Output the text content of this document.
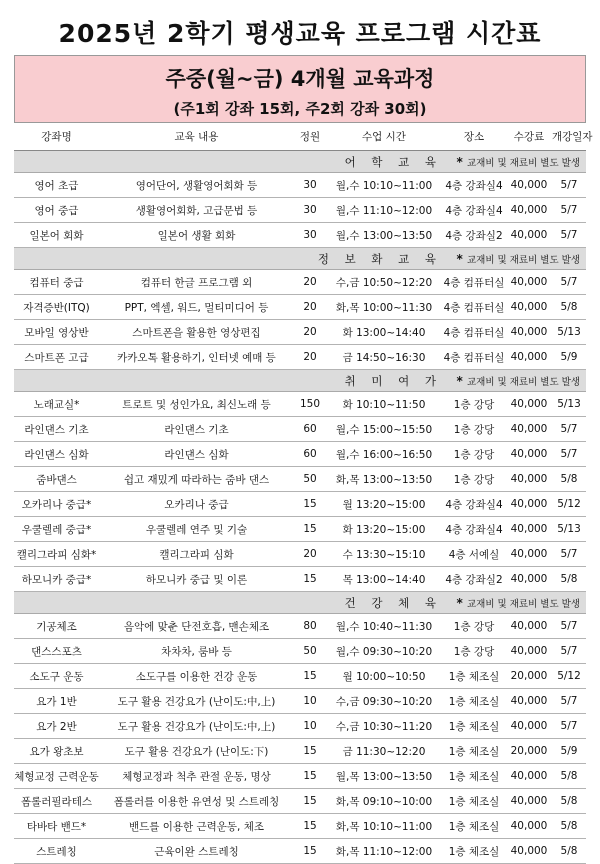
2025년 2학기 평생교육 프로그램 시간표
주중(월~금) 4개월 교육과정
(주1회 강좌 15회, 주2회 강좌 30회)
강좌명	교육 내용	정원	수업 시간	장소	수강료	개강일자
어 학 교 육				* 교재비 및 재료비 별도 발생		
영어 초급	영어단어, 생활영어회화 등	30	월,수 10:10~11:00	4층 강좌실4	40,000	5/7
영어 중급	생활영어회화, 고급문법 등	30	월,수 11:10~12:00	4층 강좌실4	40,000	5/7
일본어 회화	일본어 생활 회화	30	월,수 13:00~13:50	4층 강좌실2	40,000	5/7
정 보 화 교 육				* 교재비 및 재료비 별도 발생		
컴퓨터 중급	컴퓨터 한글 프로그램 외	20	수,금 10:50~12:20	4층 컴퓨터실	40,000	5/7
자격증반(ITQ)	PPT, 엑셀, 워드, 멀티미디어 등	20	화,목 10:00~11:30	4층 컴퓨터실	40,000	5/8
모바일 영상반	스마트폰을 활용한 영상편집	20	화 13:00~14:40	4층 컴퓨터실	40,000	5/13
스마트폰 고급	카카오톡 활용하기, 인터넷 예매 등	20	금 14:50~16:30	4층 컴퓨터실	40,000	5/9
취 미 여 가				* 교재비 및 재료비 별도 발생		
노래교실*	트로트 및 성인가요, 최신노래 등	150	화 10:10~11:50	1층 강당	40,000	5/13
라인댄스 기초	라인댄스 기초	60	월,수 15:00~15:50	1층 강당	40,000	5/7
라인댄스 심화	라인댄스 심화	60	월,수 16:00~16:50	1층 강당	40,000	5/7
줌바댄스	쉽고 재밌게 따라하는 줌바 댄스	50	화,목 13:00~13:50	1층 강당	40,000	5/8
오카리나 중급*	오카리나 중급	15	월 13:20~15:00	4층 강좌실4	40,000	5/12
우쿨렐레 중급*	우쿨렐레 연주 및 기술	15	화 13:20~15:00	4층 강좌실4	40,000	5/13
캘리그라피 심화*	캘리그라피 심화	20	수 13:30~15:10	4층 서예실	40,000	5/7
하모니카 중급*	하모니카 중급 및 이론	15	목 13:00~14:40	4층 강좌실2	40,000	5/8
건 강 체 육				* 교재비 및 재료비 별도 발생		
기공체조	음악에 맞춘 단전호흡, 맨손체조	80	월,수 10:40~11:30	1층 강당	40,000	5/7
댄스스포츠	차차차, 룸바 등	50	월,수 09:30~10:20	1층 강당	40,000	5/7
소도구 운동	소도구를 이용한 건강 운동	15	월 10:00~10:50	1층 체조실	20,000	5/12
요가 1반	도구 활용 건강요가 (난이도:中,上)	10	수,금 09:30~10:20	1층 체조실	40,000	5/7
요가 2반	도구 활용 건강요가 (난이도:中,上)	10	수,금 10:30~11:20	1층 체조실	40,000	5/7
요가 왕초보	도구 활용 건강요가 (난이도:下)	15	금 11:30~12:20	1층 체조실	20,000	5/9
체형교정 근력운동	체형교정과 척추 관절 운동, 명상	15	월,목 13:00~13:50	1층 체조실	40,000	5/8
폼롤러필라테스	폼롤러를 이용한 유연성 및 스트레칭	15	화,목 09:10~10:00	1층 체조실	40,000	5/8
타바타 밴드*	밴드를 이용한 근력운동, 체조	15	화,목 10:10~11:00	1층 체조실	40,000	5/8
스트레칭	근육이완 스트레칭	15	화,목 11:10~12:00	1층 체조실	40,000	5/8
